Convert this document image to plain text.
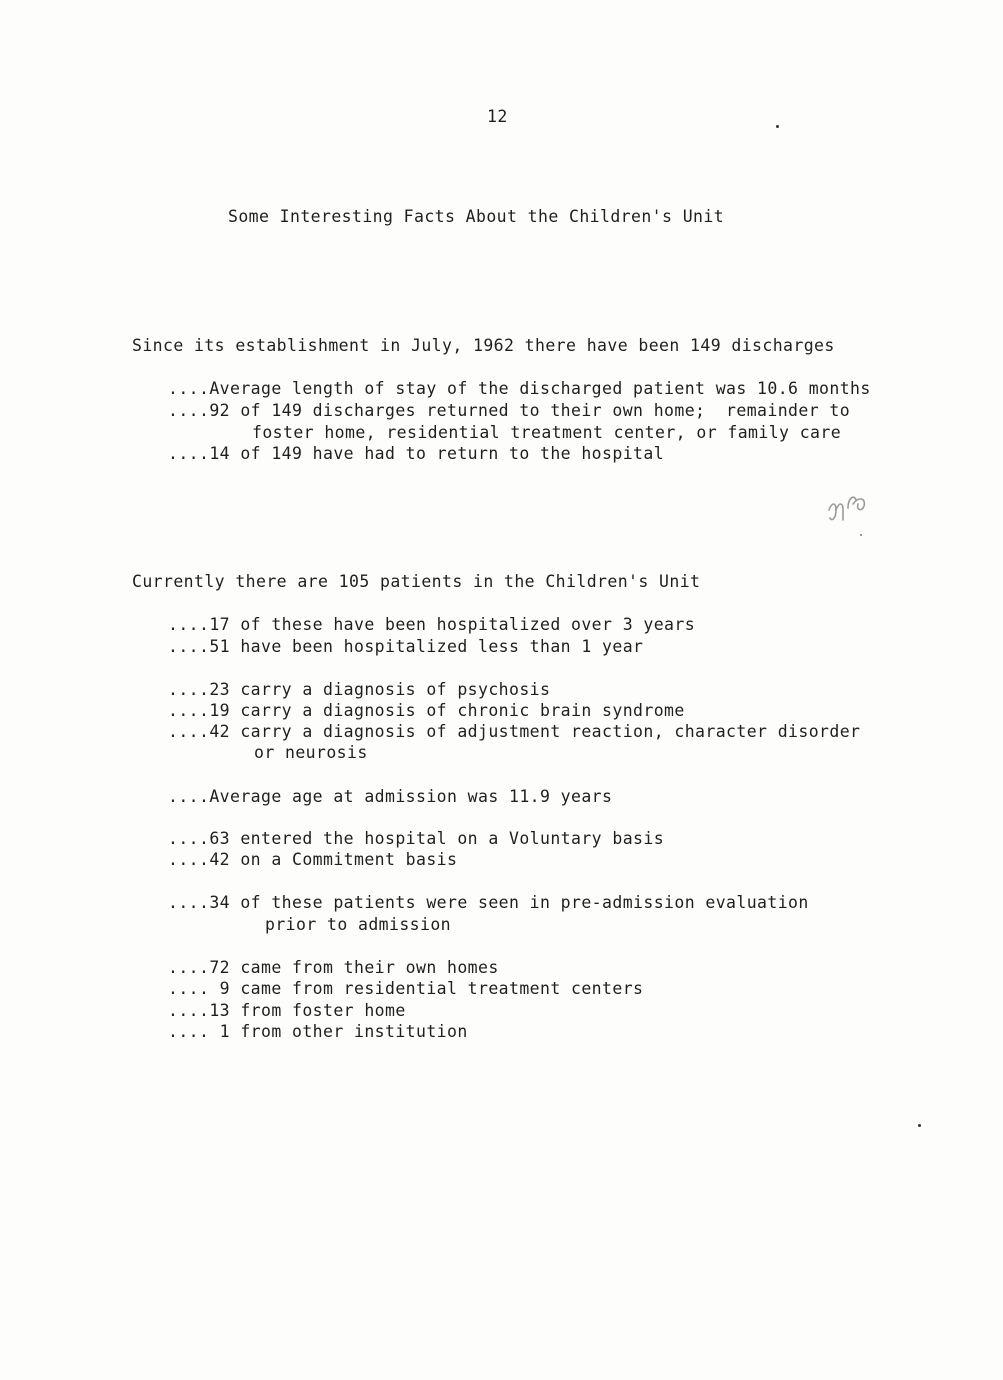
12
Some Interesting Facts About the Children's Unit
Since its establishment in July, 1962 there have been 149 discharges
....Average length of stay of the discharged patient was 10.6 months
....92 of 149 discharges returned to their own home;  remainder to
foster home, residential treatment center, or family care
....14 of 149 have had to return to the hospital
Currently there are 105 patients in the Children's Unit
....17 of these have been hospitalized over 3 years
....51 have been hospitalized less than 1 year
....23 carry a diagnosis of psychosis
....19 carry a diagnosis of chronic brain syndrome
....42 carry a diagnosis of adjustment reaction, character disorder
or neurosis
....Average age at admission was 11.9 years
....63 entered the hospital on a Voluntary basis
....42 on a Commitment basis
....34 of these patients were seen in pre-admission evaluation
prior to admission
....72 came from their own homes
.... 9 came from residential treatment centers
....13 from foster home
.... 1 from other institution
